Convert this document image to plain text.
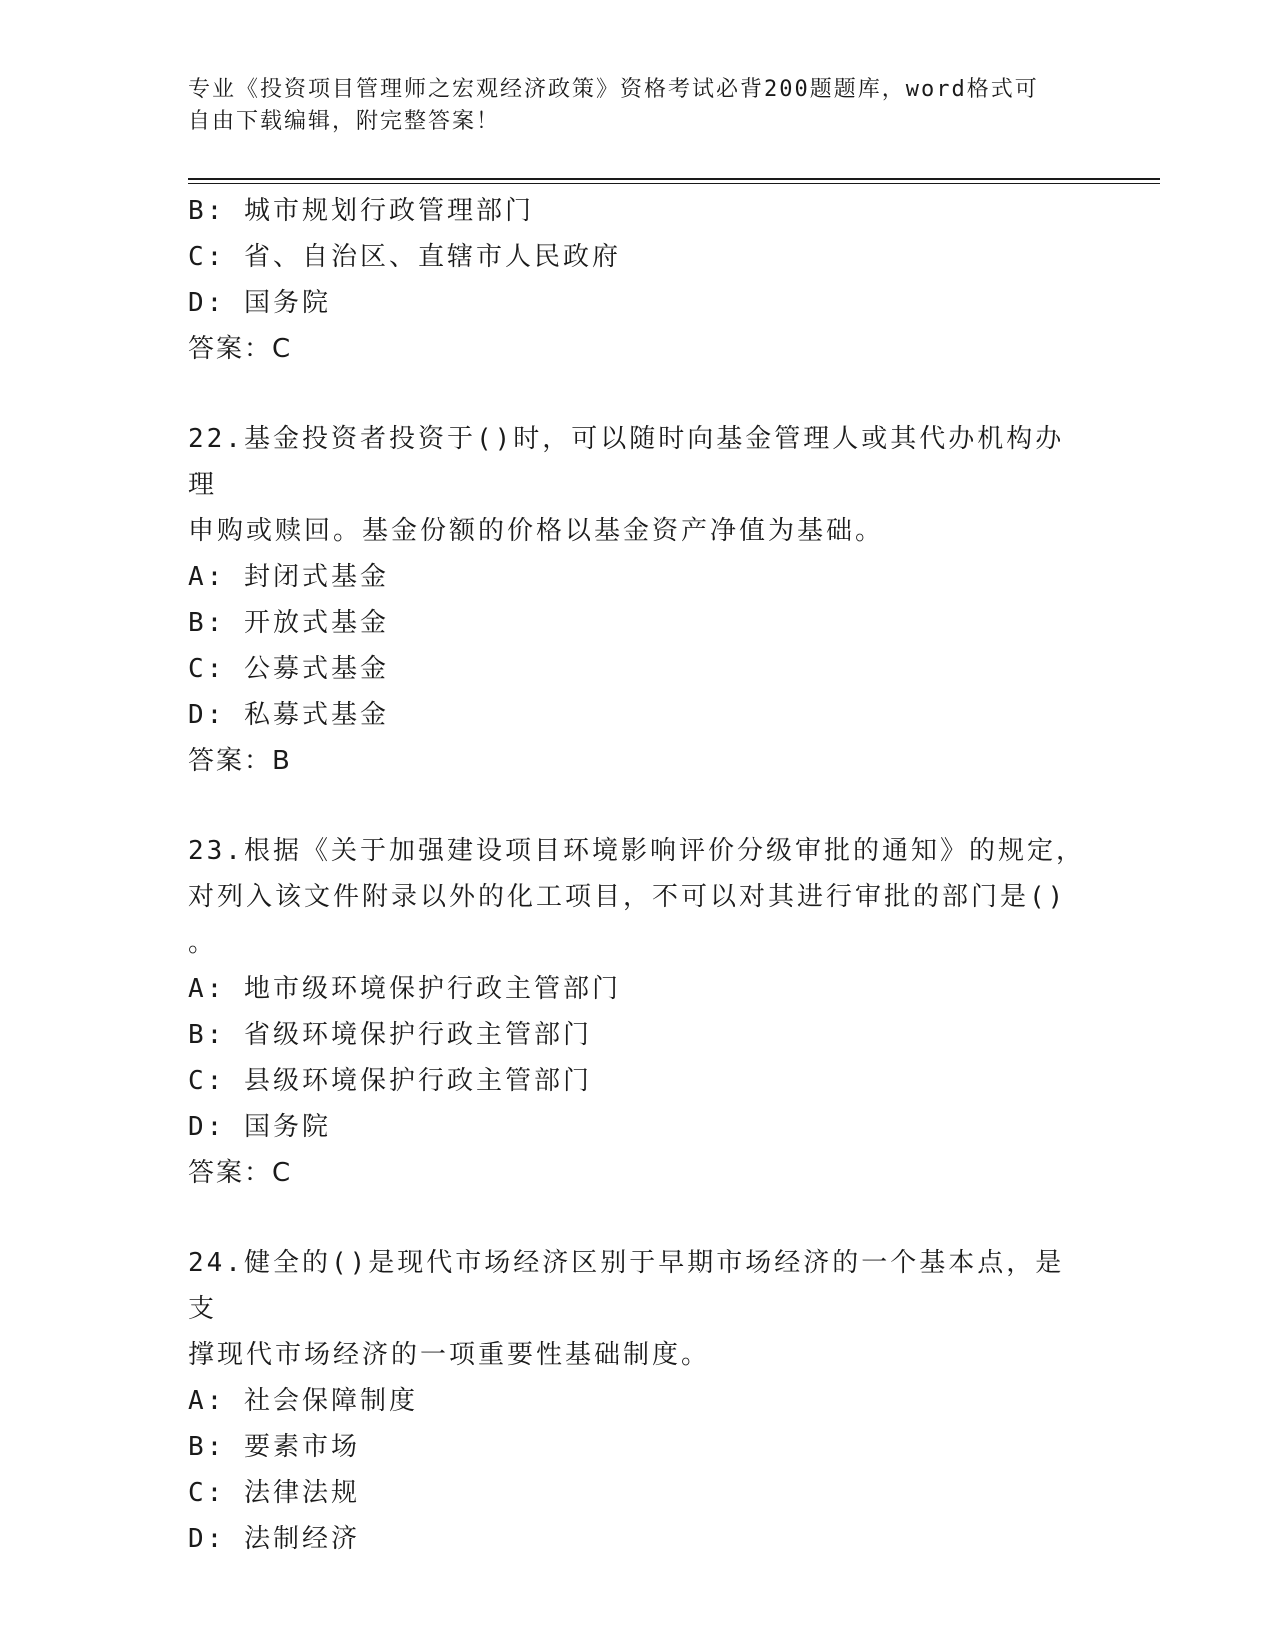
专业《投资项目管理师之宏观经济政策》资格考试必背200题题库，word格式可
自由下载编辑，附完整答案！
B: 城市规划行政管理部门
C: 省、自治区、直辖市人民政府
D: 国务院
答案：C
22.基金投资者投资于()时，可以随时向基金管理人或其代办机构办理
申购或赎回。基金份额的价格以基金资产净值为基础。
A: 封闭式基金
B: 开放式基金
C: 公募式基金
D: 私募式基金
答案：B
23.根据《关于加强建设项目环境影响评价分级审批的通知》的规定，
对列入该文件附录以外的化工项目，不可以对其进行审批的部门是()
。
A: 地市级环境保护行政主管部门
B: 省级环境保护行政主管部门
C: 县级环境保护行政主管部门
D: 国务院
答案：C
24.健全的()是现代市场经济区别于早期市场经济的一个基本点，是支
撑现代市场经济的一项重要性基础制度。
A: 社会保障制度
B: 要素市场
C: 法律法规
D: 法制经济
